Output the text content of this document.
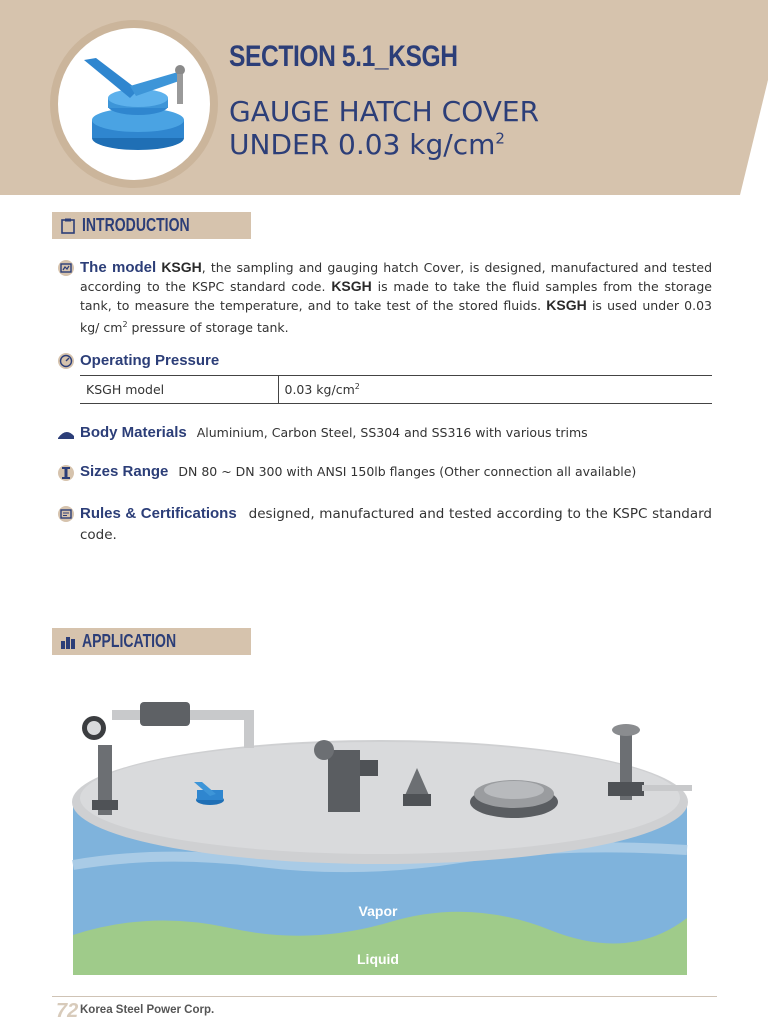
SECTION 5.1_KSGH
GAUGE HATCH COVER
UNDER 0.03 $kg/cm^2$
INTRODUCTION

The model KSGH, the sampling and gauging hatch Cover, is designed, manufactured and tested according to the KSPC standard code. KSGH is made to take the fluid samples from the storage tank, to measure the temperature, and to take test of the stored fluids. KSGH is used under 0.03 kg/ $cm^2$ pressure of storage tank.

Operating Pressure
KSGH model	0.03 $kg/cm^2$
Body Materials Aluminium, Carbon Steel, SS304 and SS316 with various trims
Sizes Range DN 80 ~ DN 300 with ANSI 150lb flanges (Other connection all available)

Rules & Certifications designed, manufactured and tested according to the KSPC standard code.

APPLICATION
Vapor
Liquid
72 Korea Steel Power Corp.
